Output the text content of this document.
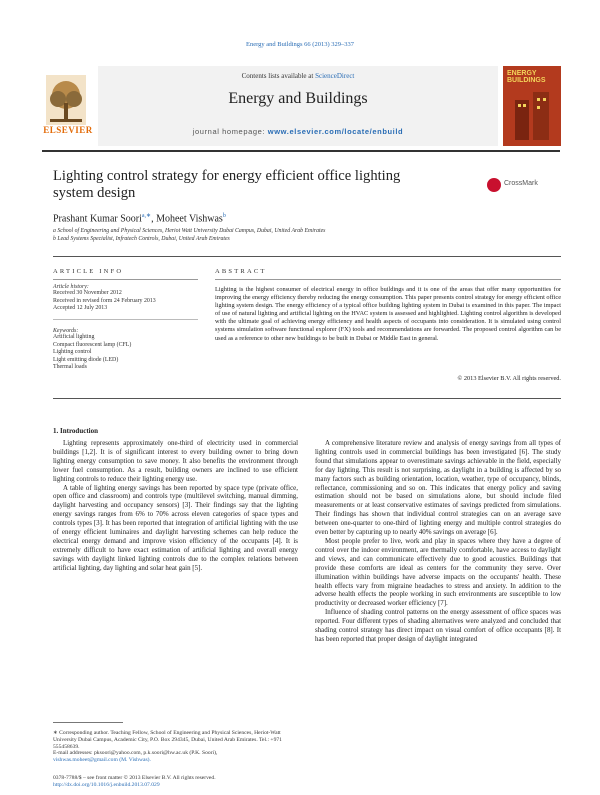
Energy and Buildings 66 (2013) 329–337
ELSEVIER
Contents lists available at ScienceDirect
Energy and Buildings
journal homepage: www.elsevier.com/locate/enbuild
ENERGY BUILDINGS
Lighting control strategy for energy efficient office lighting
system design
CrossMark
Prashant Kumar Soori$^{a,∗}$, Moheet Vishwas$^b$
a School of Engineering and Physical Sciences, Heriot Watt University Dubai Campus, Dubai, United Arab Emirates
b Lead Systems Specialist, Infratech Controls, Dubai, United Arab Emirates
ARTICLE INFO	ABSTRACT
Article history:
Received 30 November 2012
Received in revised form 24 February 2013
Accepted 12 July 2013
Keywords:
Artificial lighting
Compact fluorescent lamp (CFL)
Lighting control
Light emitting diode (LED)
Thermal loads
Lighting is the highest consumer of electrical energy in office buildings and it is one of the areas that offer many opportunities for improving the energy efficiency thereby reducing the energy consumption. This paper presents control strategy for energy efficient office lighting system design. The energy efficiency of a typical office building lighting system in Dubai is examined in this paper. The impact of use of natural lighting and artificial lighting on the HVAC system is assessed and highlighted. Lighting control algorithm is developed with the ultimate goal of achieving energy efficiency and health aspects of occupants into consideration. It is simulated using control systems simulation software functional explorer (FX) tools and recommendations are forwarded. The proposed control algorithm can be used as a reference to other new buildings to be built in Dubai or Middle East in general.
© 2013 Elsevier B.V. All rights reserved.
1. Introduction

Lighting represents approximately one-third of electricity used in commercial buildings [1,2]. It is of significant interest to every building owner to bring down lighting energy consumption to save money. It also benefits the environment through lower fuel consumption. As a result, building owners are inclined to use efficient lighting controls to reduce their lighting energy use.

A table of lighting energy savings has been reported by space type (private office, open office and classroom) and controls type (multilevel switching, manual dimming, daylight harvesting and occupancy sensors) [3]. Their findings say that the lighting energy savings ranges from 6% to 70% across eleven categories of space types and controls types [3]. It has been reported that integration of artificial lighting with the use of energy efficient luminaires and daylight harvesting schemes can help reduce the electrical energy demand and improve vision efficiency of the occupants [4]. It is extremely difficult to have exact estimation of artificial lighting and overall energy savings with daylight linked lighting controls due to the complex relations between artificial lighting, day lighting and solar heat gain [5].

A comprehensive literature review and analysis of energy savings from all types of lighting controls used in commercial buildings has been investigated [6]. The study found that simulations appear to overestimate savings achievable in the field, especially for day lighting. This result is not surprising, as daylight in a building is affected by so many factors such as building orientation, location, weather, type of occupancy, blinds, reflectance, commissioning and so on. This indicates that energy policy and saving estimation should not be based on simulations alone, but should include filed measurements or at least conservative estimates of savings predicted from simulations. Their findings has shown that individual control strategies can on an average save between one-quarter to one-third of lighting energy and multiple control strategies do even better by capturing up to nearly 40% savings on average [6].

Most people prefer to live, work and play in spaces where they have a degree of control over the indoor environment, are thermally comfortable, have access to daylight and views, and can communicate effectively due to good acoustics. Buildings that provide these comforts are ideal as centers for the community they serve. Over illumination within buildings have adverse impacts on the occupants' health. These health effects vary from migraine headaches to stress and anxiety. In addition to the adverse health effects the people working in such environments are susceptible to low productivity or decreased worker efficiency [7].

Influence of shading control patterns on the energy assessment of office spaces was reported. Four different types of shading alternatives were analyzed and concluded that shading control strategy has direct impact on visual comfort of office occupants [8]. It has been reported that proper design of daylight integrated

∗ Corresponding author. Teaching Fellow, School of Engineering and Physical Sciences, Heriot-Watt University Dubai Campus, Academic City, P.O. Box 294345, Dubai, United Arab Emirates. Tel.: +971 555458639.
E-mail addresses: pksoori@yahoo.com, p.k.soori@hw.ac.uk (P.K. Soori),
vishwas.moheet@gmail.com (M. Vishwas).
0378-7788/$ – see front matter © 2013 Elsevier B.V. All rights reserved.
http://dx.doi.org/10.1016/j.enbuild.2013.07.029
